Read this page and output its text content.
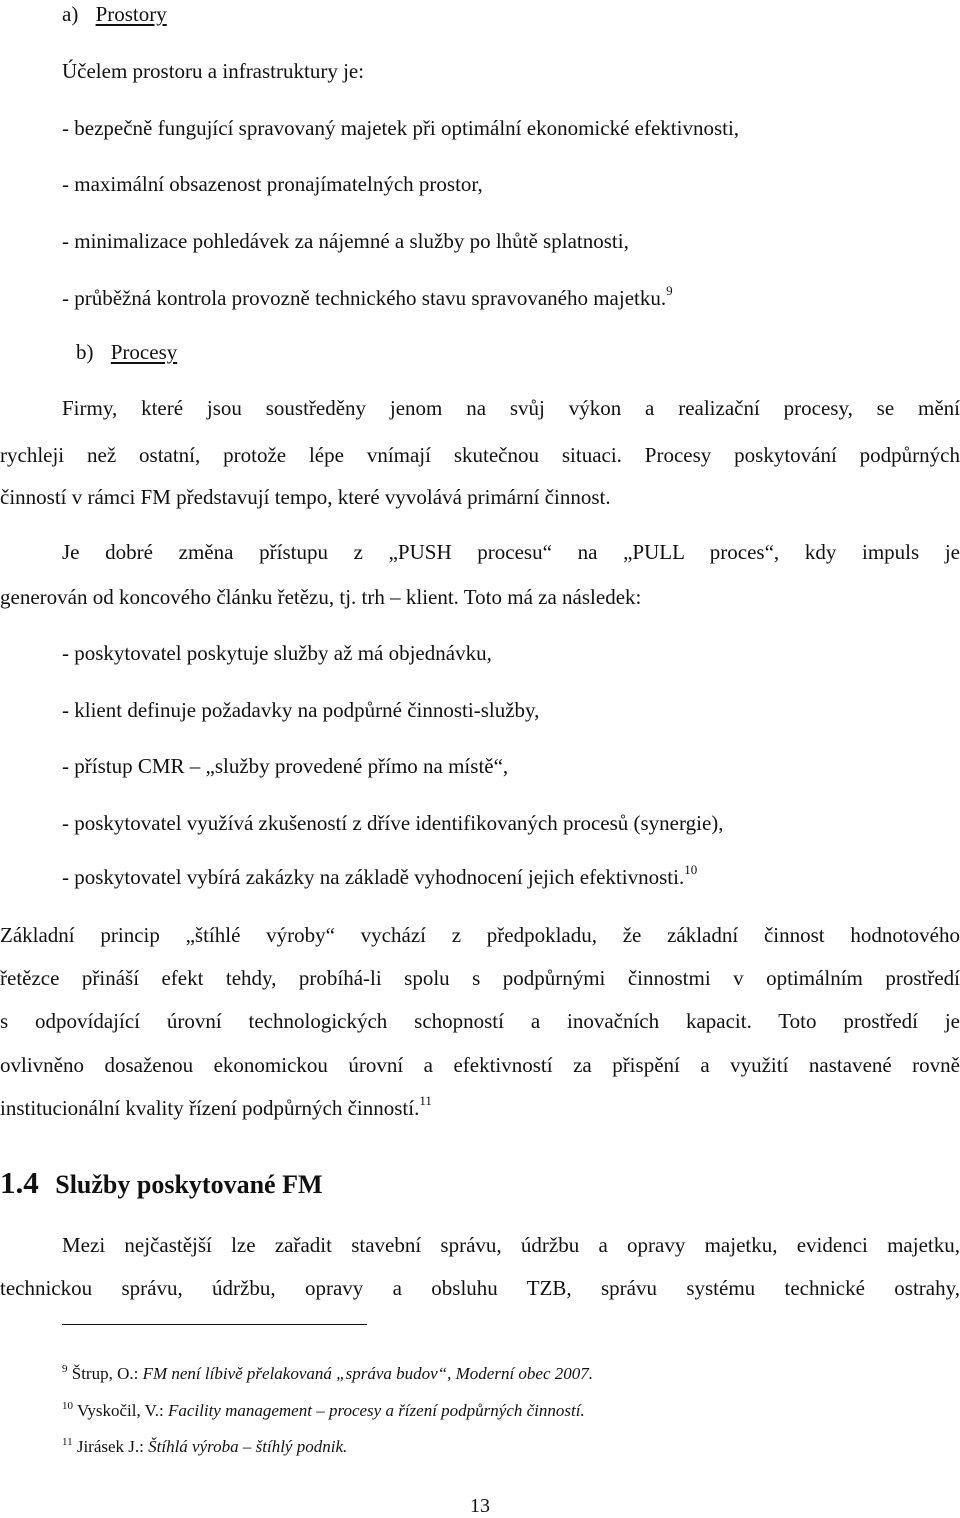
a) Prostory
Účelem prostoru a infrastruktury je:
- bezpečně fungující spravovaný majetek při optimální ekonomické efektivnosti,
- maximální obsazenost pronajímatelných prostor,
- minimalizace pohledávek za nájemné a služby po lhůtě splatnosti,
- průběžná kontrola provozně technického stavu spravovaného majetku.$^9$
b) Procesy
Firmy, které jsou soustředěny jenom na svůj výkon a realizační procesy, se mění
rychleji než ostatní, protože lépe vnímají skutečnou situaci. Procesy poskytování podpůrných
činností v rámci FM představují tempo, které vyvolává primární činnost.
Je dobré změna přístupu z „PUSH procesu“ na „PULL proces“, kdy impuls je
generován od koncového článku řetězu, tj. trh – klient. Toto má za následek:
- poskytovatel poskytuje služby až má objednávku,
- klient definuje požadavky na podpůrné činnosti-služby,
- přístup CMR – „služby provedené přímo na místě“,
- poskytovatel využívá zkušeností z dříve identifikovaných procesů (synergie),
- poskytovatel vybírá zakázky na základě vyhodnocení jejich efektivnosti.$^{10}$
Základní princip „štíhlé výroby“ vychází z předpokladu, že základní činnost hodnotového
řetězce přináší efekt tehdy, probíhá-li spolu s podpůrnými činnostmi v optimálním prostředí
s odpovídající úrovní technologických schopností a inovačních kapacit. Toto prostředí je
ovlivněno dosaženou ekonomickou úrovní a efektivností za přispění a využití nastavené rovně
institucionální kvality řízení podpůrných činností.$^{11}$
1.4 Služby poskytované FM
Mezi nejčastější lze zařadit stavební správu, údržbu a opravy majetku, evidenci majetku,
technickou správu, údržbu, opravy a obsluhu TZB, správu systému technické ostrahy,
$^9$ Štrup, O.: FM není líbivě přelakovaná „správa budov“, Moderní obec 2007.
$^{10}$ Vyskočil, V.: Facility management – procesy a řízení podpůrných činností.
$^{11}$ Jirásek J.: Štíhlá výroba – štíhlý podnik.
13
